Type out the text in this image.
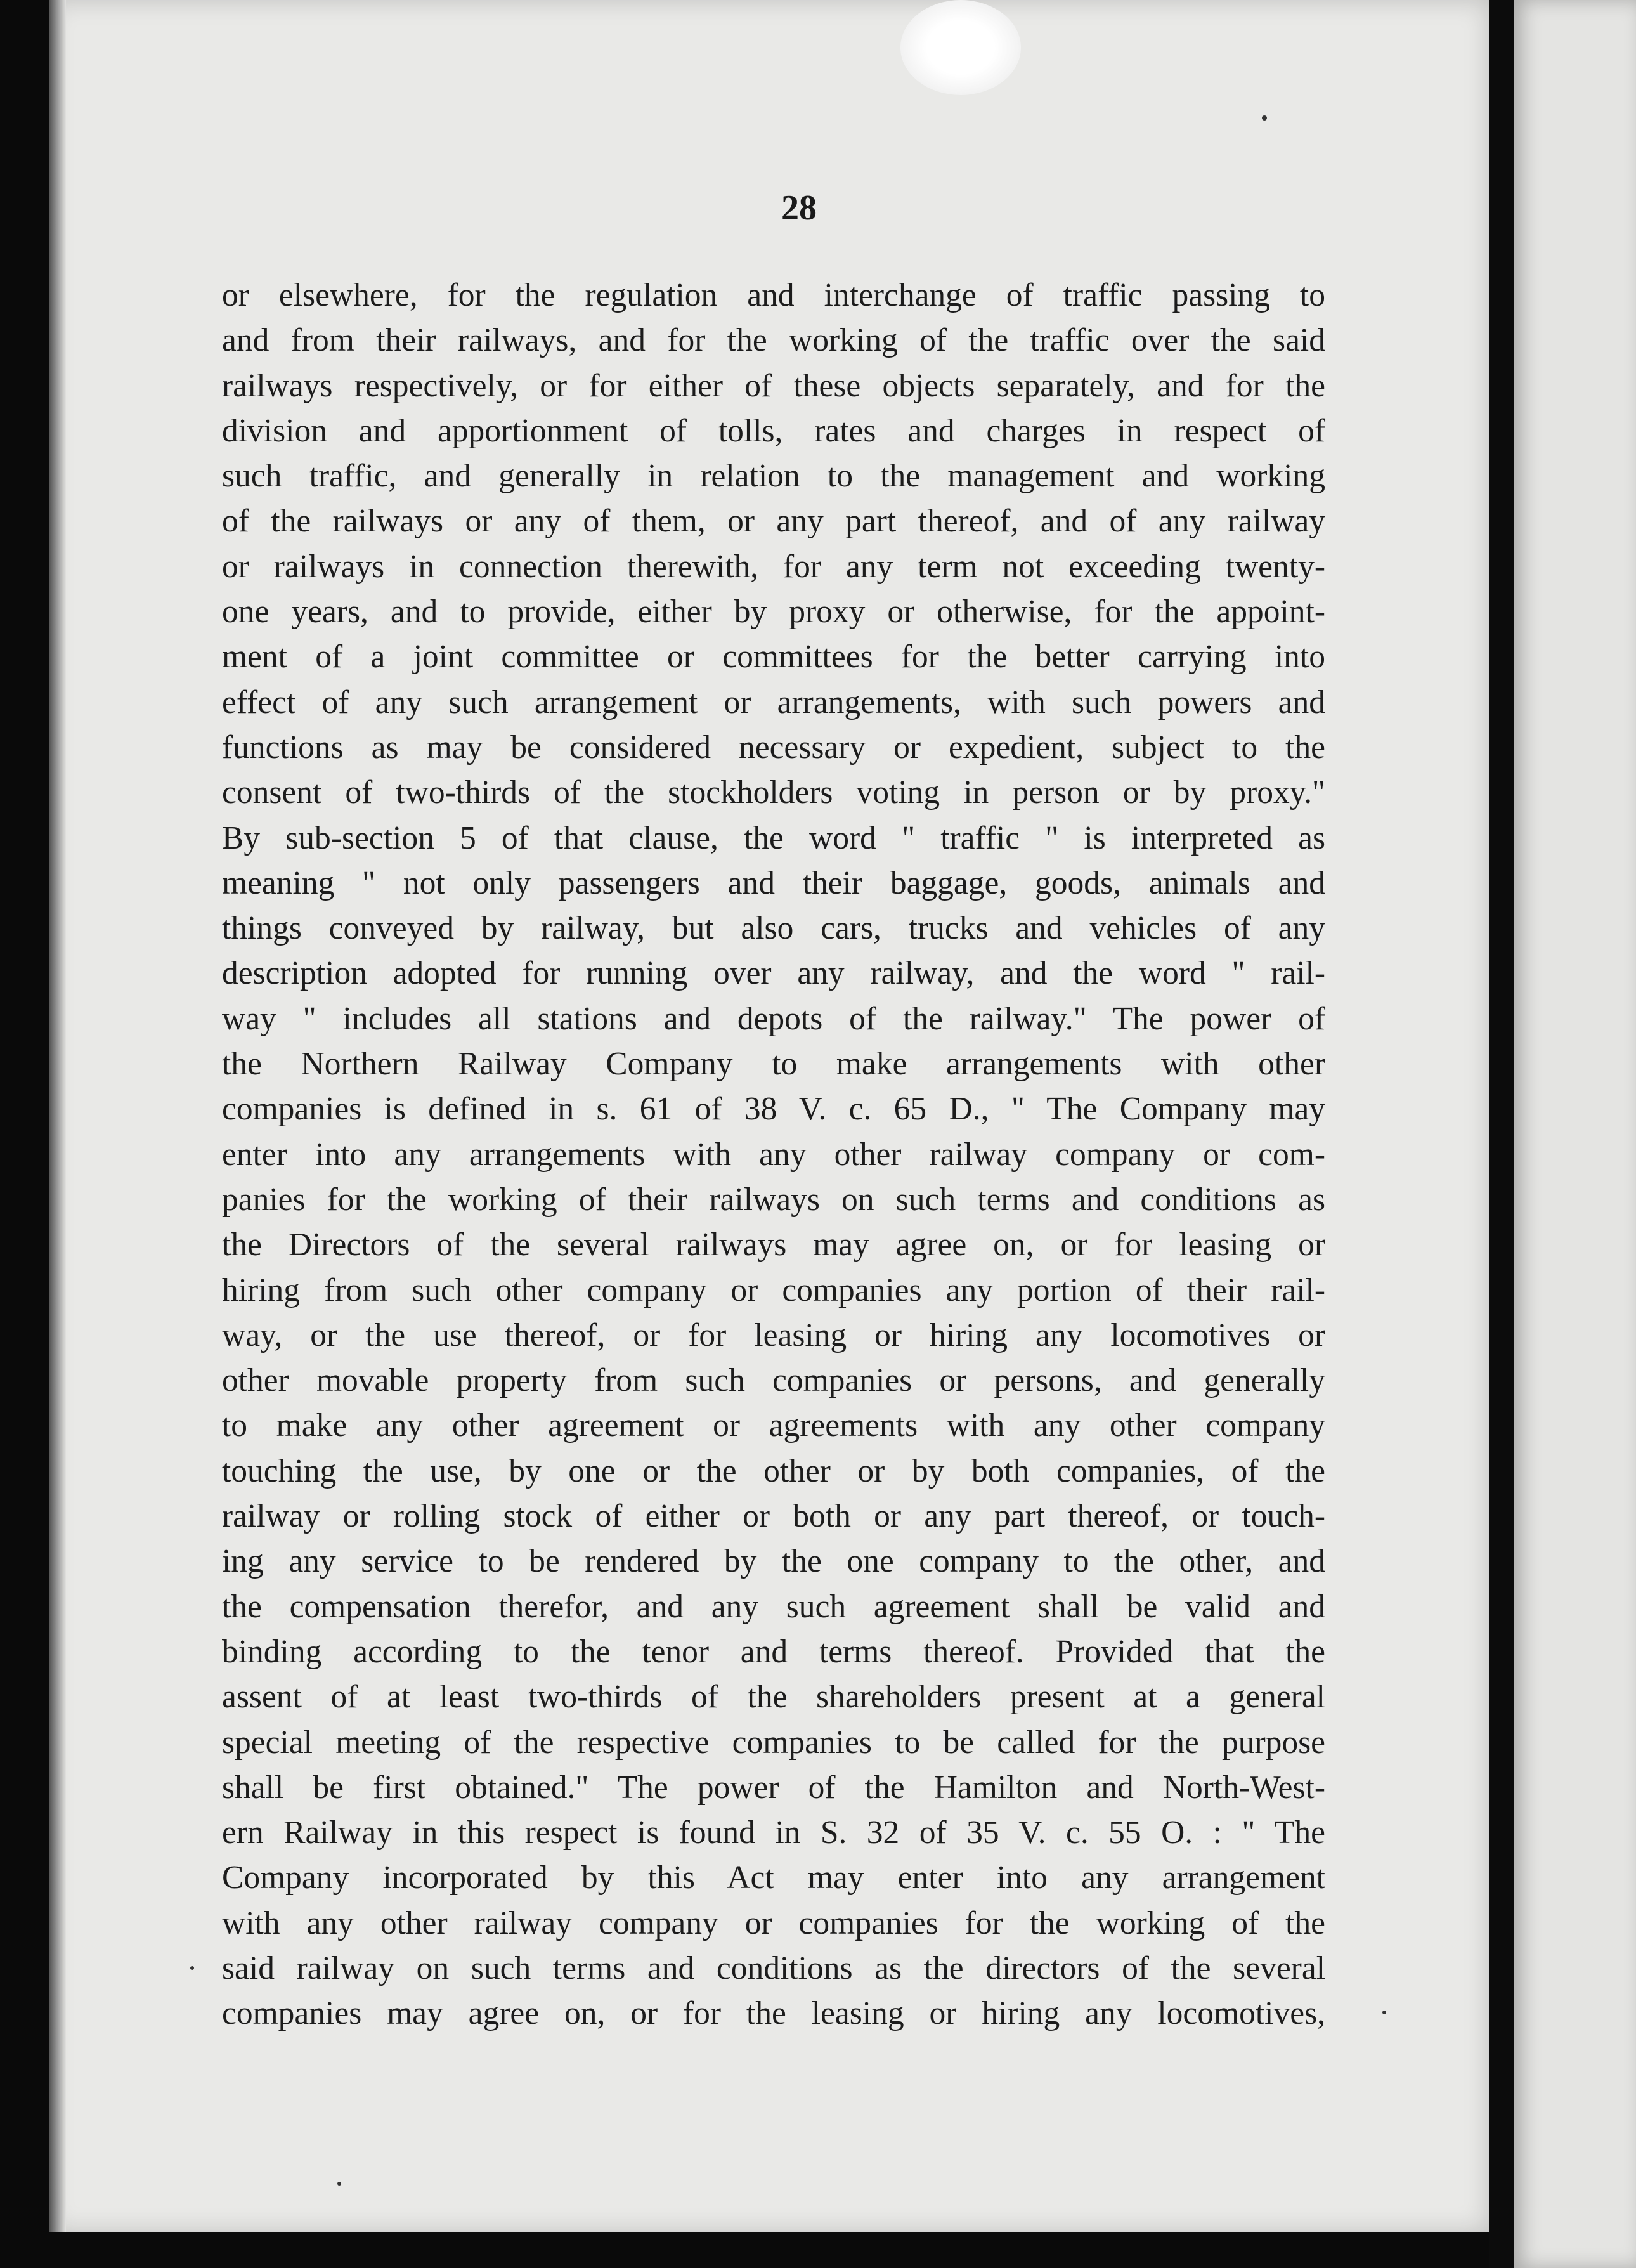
28
or elsewhere, for the regulation and interchange of traffic passing to
and from their railways, and for the working of the traffic over the said
railways respectively, or for either of these objects separately, and for the
division and apportionment of tolls, rates and charges in respect of
such traffic, and generally in relation to the management and working
of the railways or any of them, or any part thereof, and of any railway
or railways in connection therewith, for any term not exceeding twenty-
one years, and to provide, either by proxy or otherwise, for the appoint-
ment of a joint committee or committees for the better carrying into
effect of any such arrangement or arrangements, with such powers and
functions as may be considered necessary or expedient, subject to the
consent of two-thirds of the stockholders voting in person or by proxy."
By sub-section 5 of that clause, the word " traffic " is interpreted as
meaning " not only passengers and their baggage, goods, animals and
things conveyed by railway, but also cars, trucks and vehicles of any
description adopted for running over any railway, and the word " rail-
way " includes all stations and depots of the railway." The power of
the Northern Railway Company to make arrangements with other
companies is defined in s. 61 of 38 V. c. 65 D., " The Company may
enter into any arrangements with any other railway company or com-
panies for the working of their railways on such terms and conditions as
the Directors of the several railways may agree on, or for leasing or
hiring from such other company or companies any portion of their rail-
way, or the use thereof, or for leasing or hiring any locomotives or
other movable property from such companies or persons, and generally
to make any other agreement or agreements with any other company
touching the use, by one or the other or by both companies, of the
railway or rolling stock of either or both or any part thereof, or touch-
ing any service to be rendered by the one company to the other, and
the compensation therefor, and any such agreement shall be valid and
binding according to the tenor and terms thereof. Provided that the
assent of at least two-thirds of the shareholders present at a general
special meeting of the respective companies to be called for the purpose
shall be first obtained." The power of the Hamilton and North-West-
ern Railway in this respect is found in S. 32 of 35 V. c. 55 O. : " The
Company incorporated by this Act may enter into any arrangement
with any other railway company or companies for the working of the
said railway on such terms and conditions as the directors of the several
companies may agree on, or for the leasing or hiring any locomotives,
